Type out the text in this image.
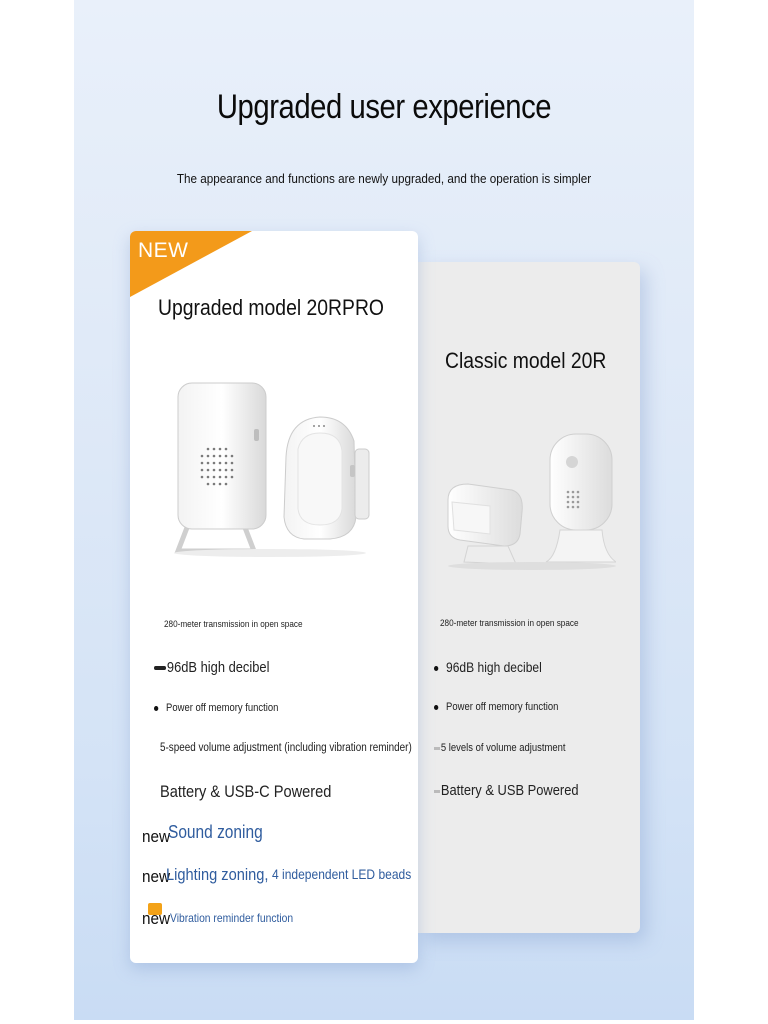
Upgraded user experience
The appearance and functions are newly upgraded, and the operation is simpler
Classic model 20R
280-meter transmission in open space
96dB high decibel
Power off memory function
5 levels of volume adjustment
Battery & USB Powered
NEW
Upgraded model 20RPRO
280-meter transmission in open space
96dB high decibel
Power off memory function
5-speed volume adjustment (including vibration reminder)
Battery & USB-C Powered
new
Sound zoning
new
Lighting zoning, 4 independent LED beads
new Vibration reminder function
